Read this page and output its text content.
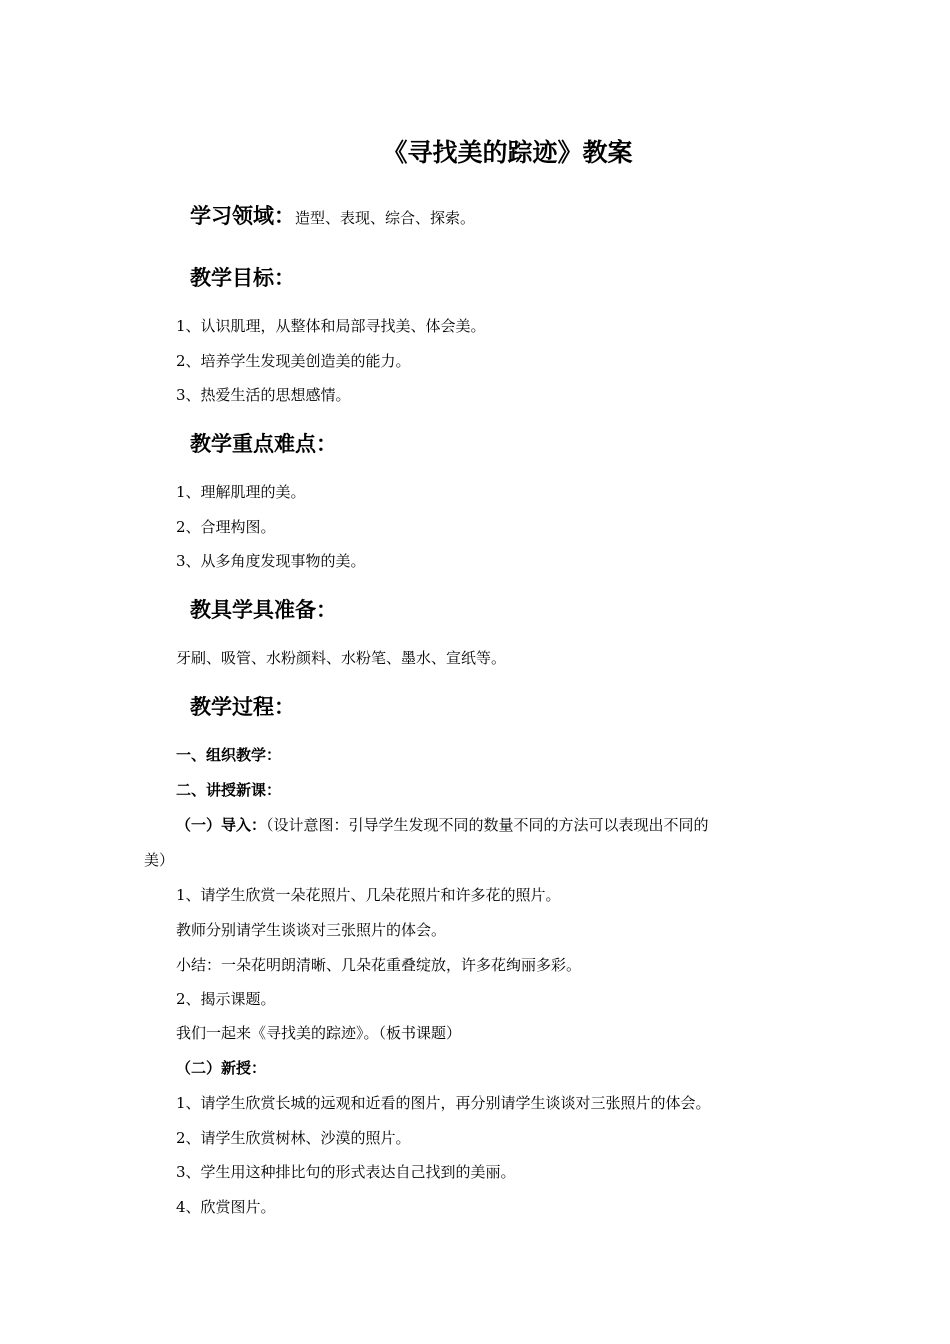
《寻找美的踪迹》教案
学习领域：造型、表现、综合、探索。
教学目标：
1、认识肌理，从整体和局部寻找美、体会美。
2、培养学生发现美创造美的能力。
3、热爱生活的思想感情。
教学重点难点：
1、理解肌理的美。
2、合理构图。
3、从多角度发现事物的美。
教具学具准备：
牙刷、吸管、水粉颜料、水粉笔、墨水、宣纸等。
教学过程：
一、组织教学：
二、讲授新课：
（一）导入：（设计意图：引导学生发现不同的数量不同的方法可以表现出不同的
美）
1、请学生欣赏一朵花照片、几朵花照片和许多花的照片。
教师分别请学生谈谈对三张照片的体会。
小结：一朵花明朗清晰、几朵花重叠绽放，许多花绚丽多彩。
2、揭示课题。
我们一起来《寻找美的踪迹》。（板书课题）
（二）新授：
1、请学生欣赏长城的远观和近看的图片，再分别请学生谈谈对三张照片的体会。
2、请学生欣赏树林、沙漠的照片。
3、学生用这种排比句的形式表达自己找到的美丽。
4、欣赏图片。
